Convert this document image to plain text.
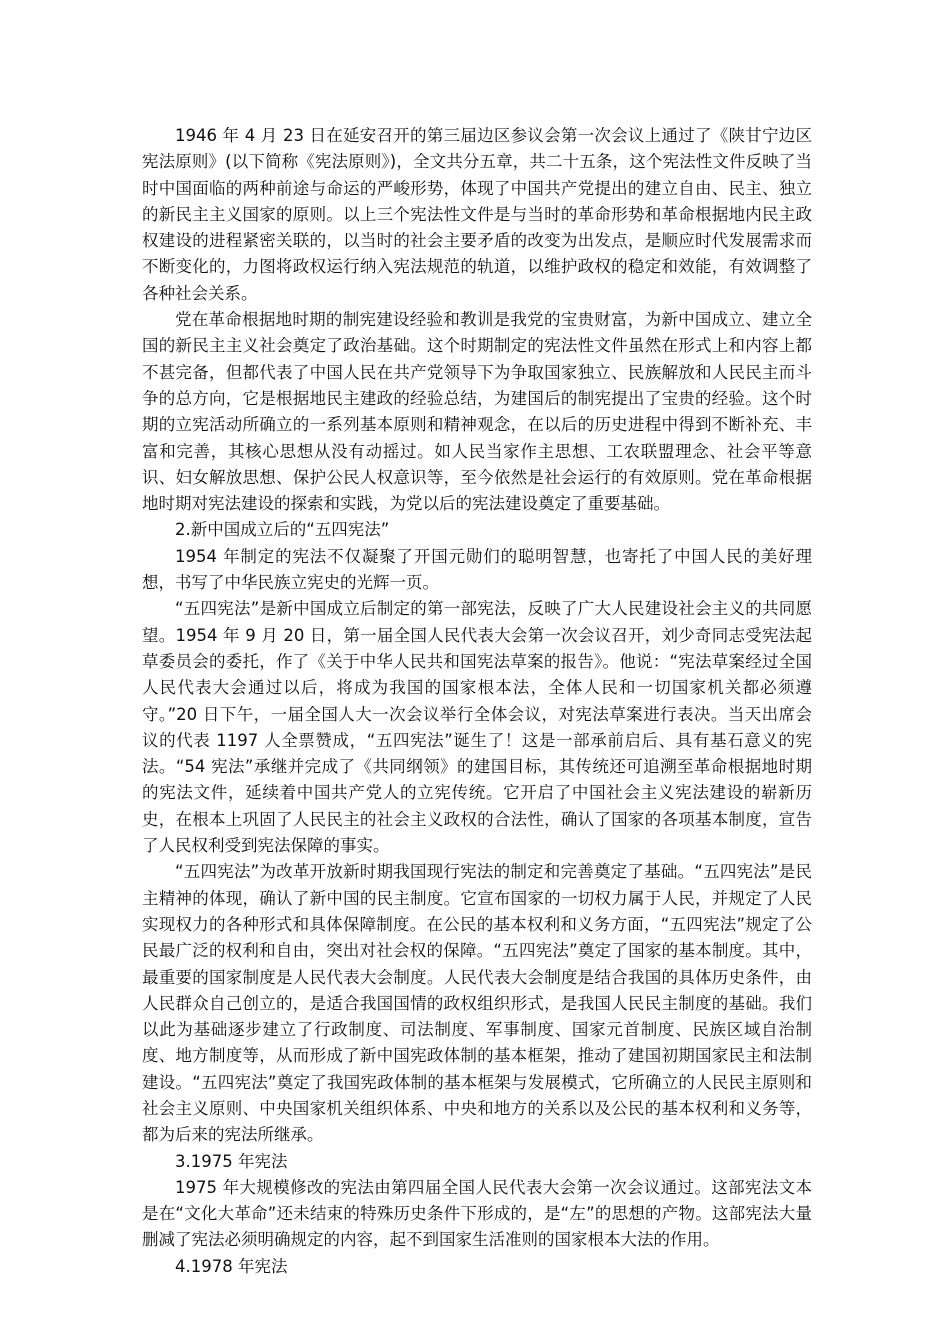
1946 年 4 月 23 日在延安召开的第三届边区参议会第一次会议上通过了《陕甘宁边区宪法原则》(以下简称《宪法原则》)，全文共分五章，共二十五条，这个宪法性文件反映了当时中国面临的两种前途与命运的严峻形势，体现了中国共产党提出的建立自由、民主、独立的新民主主义国家的原则。以上三个宪法性文件是与当时的革命形势和革命根据地内民主政权建设的进程紧密关联的，以当时的社会主要矛盾的改变为出发点，是顺应时代发展需求而不断变化的，力图将政权运行纳入宪法规范的轨道，以维护政权的稳定和效能，有效调整了各种社会关系。

党在革命根据地时期的制宪建设经验和教训是我党的宝贵财富，为新中国成立、建立全国的新民主主义社会奠定了政治基础。这个时期制定的宪法性文件虽然在形式上和内容上都不甚完备，但都代表了中国人民在共产党领导下为争取国家独立、民族解放和人民民主而斗争的总方向，它是根据地民主建政的经验总结，为建国后的制宪提出了宝贵的经验。这个时期的立宪活动所确立的一系列基本原则和精神观念，在以后的历史进程中得到不断补充、丰富和完善，其核心思想从没有动摇过。如人民当家作主思想、工农联盟理念、社会平等意识、妇女解放思想、保护公民人权意识等，至今依然是社会运行的有效原则。党在革命根据地时期对宪法建设的探索和实践，为党以后的宪法建设奠定了重要基础。

2.新中国成立后的“五四宪法”

1954 年制定的宪法不仅凝聚了开国元勋们的聪明智慧，也寄托了中国人民的美好理想，书写了中华民族立宪史的光辉一页。

“五四宪法”是新中国成立后制定的第一部宪法，反映了广大人民建设社会主义的共同愿望。1954 年 9 月 20 日，第一届全国人民代表大会第一次会议召开，刘少奇同志受宪法起草委员会的委托，作了《关于中华人民共和国宪法草案的报告》。他说：“宪法草案经过全国人民代表大会通过以后，将成为我国的国家根本法，全体人民和一切国家机关都必须遵守。”20 日下午，一届全国人大一次会议举行全体会议，对宪法草案进行表决。当天出席会议的代表 1197 人全票赞成，“五四宪法”诞生了！这是一部承前启后、具有基石意义的宪法。“54 宪法”承继并完成了《共同纲领》的建国目标，其传统还可追溯至革命根据地时期的宪法文件，延续着中国共产党人的立宪传统。它开启了中国社会主义宪法建设的崭新历史，在根本上巩固了人民民主的社会主义政权的合法性，确认了国家的各项基本制度，宣告了人民权利受到宪法保障的事实。

“五四宪法”为改革开放新时期我国现行宪法的制定和完善奠定了基础。“五四宪法”是民主精神的体现，确认了新中国的民主制度。它宣布国家的一切权力属于人民，并规定了人民实现权力的各种形式和具体保障制度。在公民的基本权利和义务方面，“五四宪法”规定了公民最广泛的权利和自由，突出对社会权的保障。“五四宪法”奠定了国家的基本制度。其中，最重要的国家制度是人民代表大会制度。人民代表大会制度是结合我国的具体历史条件，由人民群众自己创立的，是适合我国国情的政权组织形式，是我国人民民主制度的基础。我们以此为基础逐步建立了行政制度、司法制度、军事制度、国家元首制度、民族区域自治制度、地方制度等，从而形成了新中国宪政体制的基本框架，推动了建国初期国家民主和法制建设。“五四宪法”奠定了我国宪政体制的基本框架与发展模式，它所确立的人民民主原则和社会主义原则、中央国家机关组织体系、中央和地方的关系以及公民的基本权利和义务等，都为后来的宪法所继承。

3.1975 年宪法

1975 年大规模修改的宪法由第四届全国人民代表大会第一次会议通过。这部宪法文本是在“文化大革命”还未结束的特殊历史条件下形成的，是“左”的思想的产物。这部宪法大量删减了宪法必须明确规定的内容，起不到国家生活准则的国家根本大法的作用。

4.1978 年宪法
